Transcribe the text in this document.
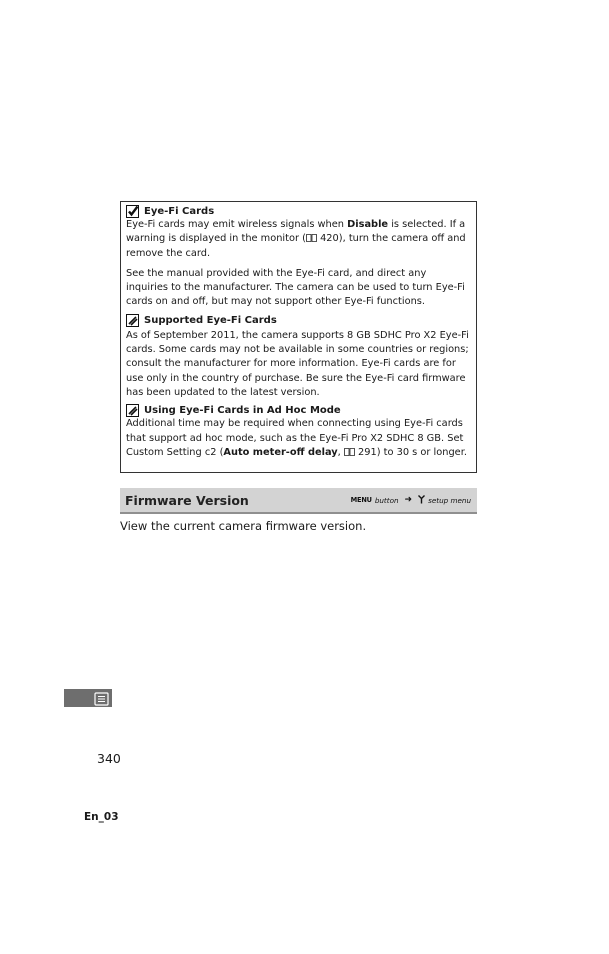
Eye-Fi Cards

Eye-Fi cards may emit wireless signals when Disable is selected. If a warning is displayed in the monitor ( 420), turn the camera off and remove the card.

See the manual provided with the Eye-Fi card, and direct any inquiries to the manufacturer. The camera can be used to turn Eye-Fi cards on and off, but may not support other Eye-Fi functions.

Supported Eye-Fi Cards

As of September 2011, the camera supports 8 GB SDHC Pro X2 Eye-Fi cards. Some cards may not be available in some countries or regions; consult the manufacturer for more information. Eye-Fi cards are for use only in the country of purchase. Be sure the Eye-Fi card firmware has been updated to the latest version.

Using Eye-Fi Cards in Ad Hoc Mode

Additional time may be required when connecting using Eye-Fi cards that support ad hoc mode, such as the Eye-Fi Pro X2 SDHC 8 GB. Set Custom Setting c2 (Auto meter-off delay,  291) to 30 s or longer.

Firmware Version	MENU button ➜ setup menu
View the current camera firmware version.
340
En_03
